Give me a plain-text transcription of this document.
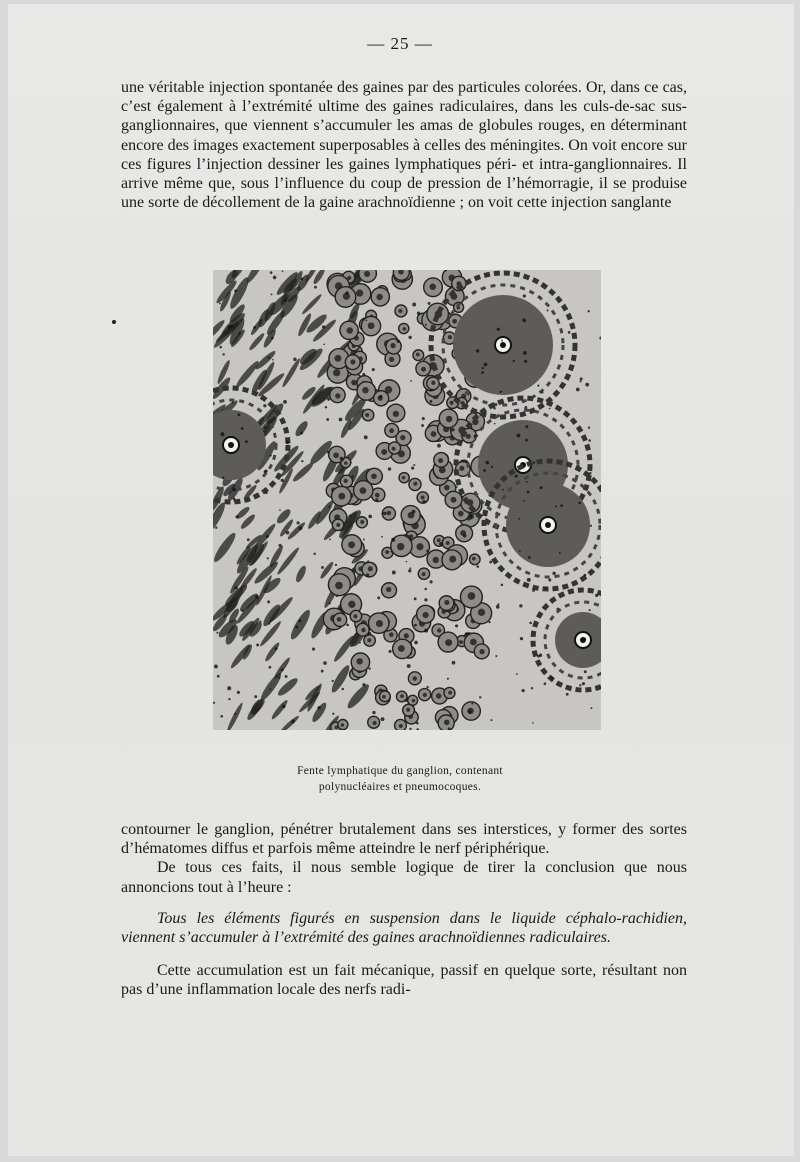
— 25 —
une véritable injection spontanée des gaines par des particules colorées. Or, dans ce cas, c’est également à l’extrémité ultime des gaines radiculaires, dans les culs-de-sac sus-ganglionnaires, que viennent s’accumuler les amas de globules rouges, en déterminant encore des images exactement superposables à celles des méningites. On voit encore sur ces figures l’injection dessiner les gaines lymphatiques péri- et intra-ganglionnaires. Il arrive même que, sous l’influence du coup de pression de l’hémorragie, il se produise une sorte de décollement de la gaine arachnoïdienne ; on voit cette injection sanglante
Fente lymphatique du ganglion, contenant
polynucléaires et pneumocoques.

contourner le ganglion, pénétrer brutalement dans ses interstices, y former des sortes d’hématomes diffus et parfois même atteindre le nerf périphérique.

De tous ces faits, il nous semble logique de tirer la conclusion que nous annoncions tout à l’heure :

Tous les éléments figurés en suspension dans le liquide céphalo-rachidien, viennent s’accumuler à l’extrémité des gaines arachnoïdiennes radiculaires.

Cette accumulation est un fait mécanique, passif en quelque sorte, résultant non pas d’une inflammation locale des nerfs radi-
